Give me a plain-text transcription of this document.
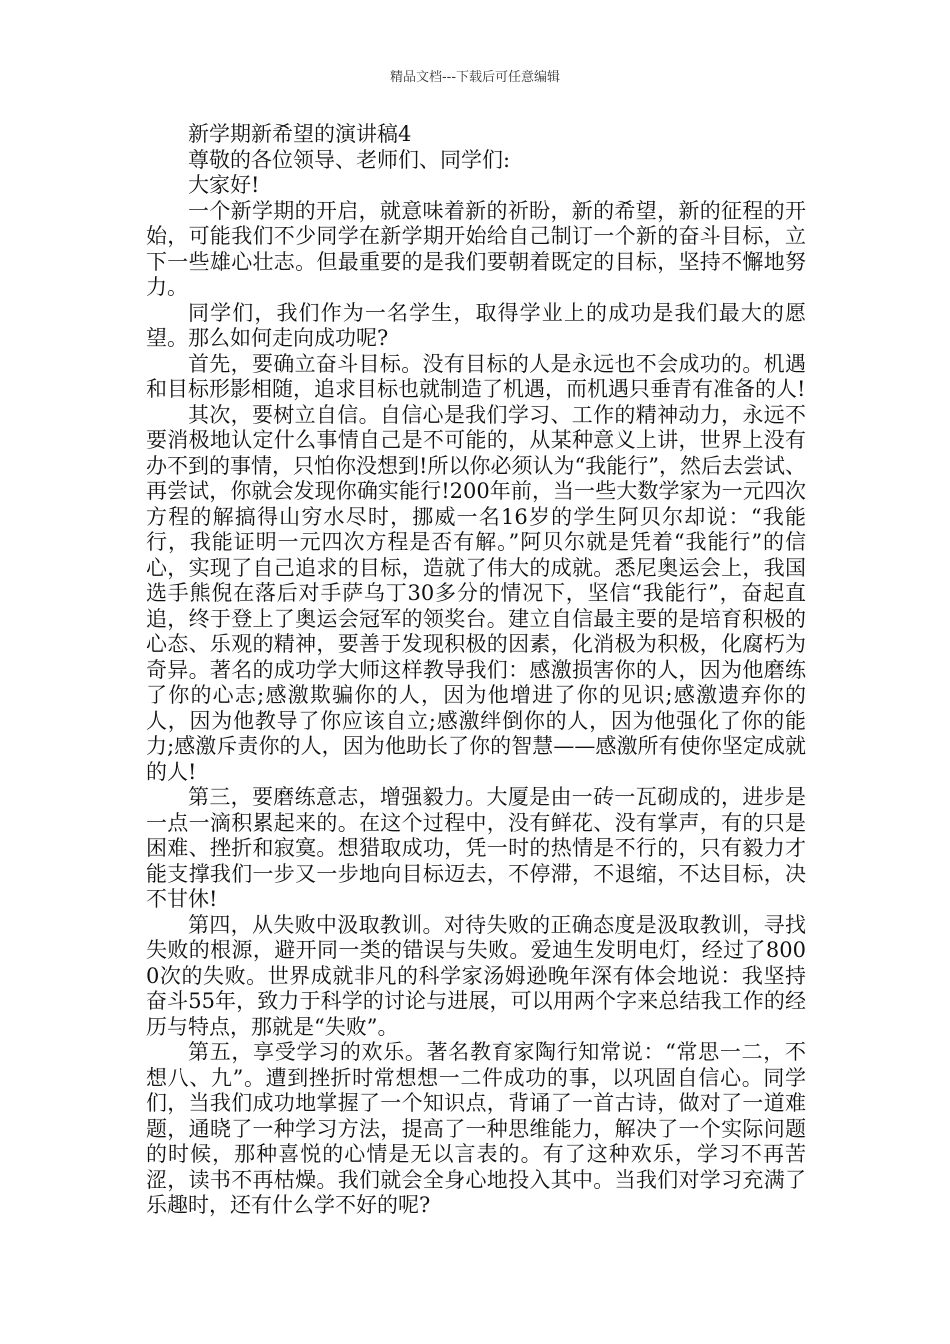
精品文档---下载后可任意编辑

新学期新希望的演讲稿4

尊敬的各位领导、老师们、同学们:

大家好!

一个新学期的开启，就意味着新的祈盼，新的希望，新的征程的开始，可能我们不少同学在新学期开始给自己制订一个新的奋斗目标，立下一些雄心壮志。但最重要的是我们要朝着既定的目标，坚持不懈地努力。

同学们，我们作为一名学生，取得学业上的成功是我们最大的愿望。那么如何走向成功呢?

首先，要确立奋斗目标。没有目标的人是永远也不会成功的。机遇和目标形影相随，追求目标也就制造了机遇，而机遇只垂青有准备的人!

其次，要树立自信。自信心是我们学习、工作的精神动力，永远不要消极地认定什么事情自己是不可能的，从某种意义上讲，世界上没有办不到的事情，只怕你没想到!所以你必须认为“我能行”，然后去尝试、再尝试，你就会发现你确实能行!200年前，当一些大数学家为一元四次方程的解搞得山穷水尽时，挪威一名16岁的学生阿贝尔却说：“我能行，我能证明一元四次方程是否有解。”阿贝尔就是凭着“我能行”的信心，实现了自己追求的目标，造就了伟大的成就。悉尼奥运会上，我国选手熊倪在落后对手萨乌丁30多分的情况下，坚信“我能行”，奋起直追，终于登上了奥运会冠军的领奖台。建立自信最主要的是培育积极的心态、乐观的精神，要善于发现积极的因素，化消极为积极，化腐朽为奇异。著名的成功学大师这样教导我们：感激损害你的人，因为他磨练了你的心志;感激欺骗你的人，因为他增进了你的见识;感激遗弃你的人，因为他教导了你应该自立;感激绊倒你的人，因为他强化了你的能力;感激斥责你的人，因为他助长了你的智慧——感激所有使你坚定成就的人!

第三，要磨练意志，增强毅力。大厦是由一砖一瓦砌成的，进步是一点一滴积累起来的。在这个过程中，没有鲜花、没有掌声，有的只是困难、挫折和寂寞。想猎取成功，凭一时的热情是不行的，只有毅力才能支撑我们一步又一步地向目标迈去，不停滞，不退缩，不达目标，决不甘休!

第四，从失败中汲取教训。对待失败的正确态度是汲取教训，寻找失败的根源，避开同一类的错误与失败。爱迪生发明电灯，经过了8000次的失败。世界成就非凡的科学家汤姆逊晚年深有体会地说：我坚持奋斗55年，致力于科学的讨论与进展，可以用两个字来总结我工作的经历与特点，那就是“失败”。

第五，享受学习的欢乐。著名教育家陶行知常说：“常思一二，不想八、九”。遭到挫折时常想想一二件成功的事，以巩固自信心。同学们，当我们成功地掌握了一个知识点，背诵了一首古诗，做对了一道难题，通晓了一种学习方法，提高了一种思维能力，解决了一个实际问题的时候，那种喜悦的心情是无以言表的。有了这种欢乐，学习不再苦涩，读书不再枯燥。我们就会全身心地投入其中。当我们对学习充满了乐趣时，还有什么学不好的呢?
